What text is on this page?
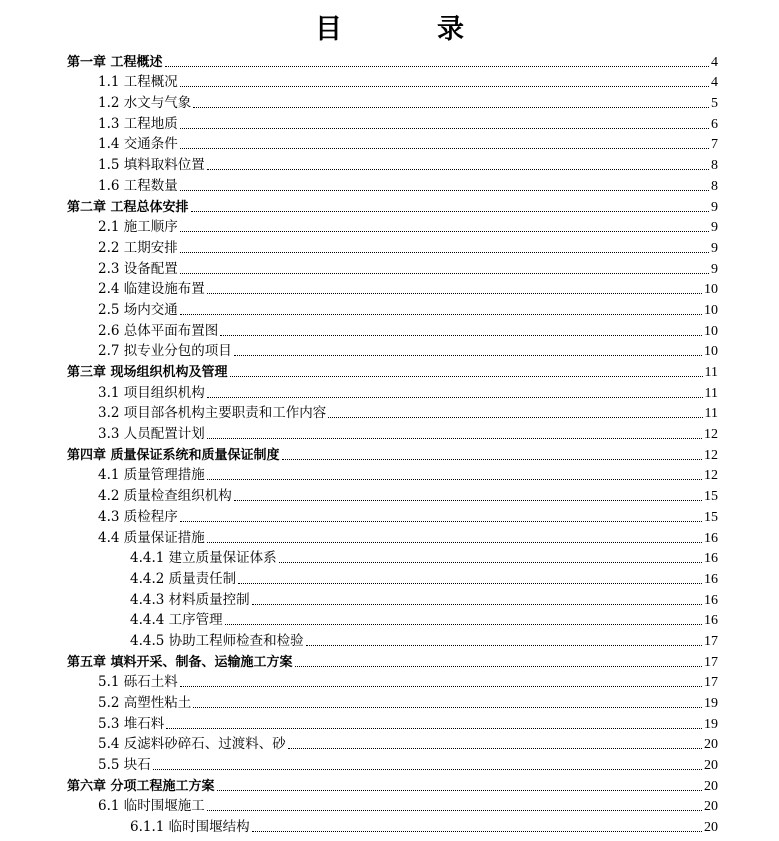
目　录
第一章 工程概述	4
1.1 工程概况	4
1.2 水文与气象	5
1.3 工程地质	6
1.4 交通条件	7
1.5 填料取料位置	8
1.6 工程数量	8
第二章 工程总体安排	9
2.1 施工顺序	9
2.2 工期安排	9
2.3 设备配置	9
2.4 临建设施布置	10
2.5 场内交通	10
2.6 总体平面布置图	10
2.7 拟专业分包的项目	10
第三章 现场组织机构及管理	11
3.1 项目组织机构	11
3.2 项目部各机构主要职责和工作内容	11
3.3 人员配置计划	12
第四章 质量保证系统和质量保证制度	12
4.1 质量管理措施	12
4.2 质量检查组织机构	15
4.3 质检程序	15
4.4 质量保证措施	16
4.4.1 建立质量保证体系	16
4.4.2 质量责任制	16
4.4.3 材料质量控制	16
4.4.4 工序管理	16
4.4.5 协助工程师检查和检验	17
第五章 填料开采、制备、运输施工方案	17
5.1 砾石土料	17
5.2 高塑性粘土	19
5.3 堆石料	19
5.4 反滤料砂碎石、过渡料、砂	20
5.5 块石	20
第六章 分项工程施工方案	20
6.1 临时围堰施工	20
6.1.1 临时围堰结构	20
